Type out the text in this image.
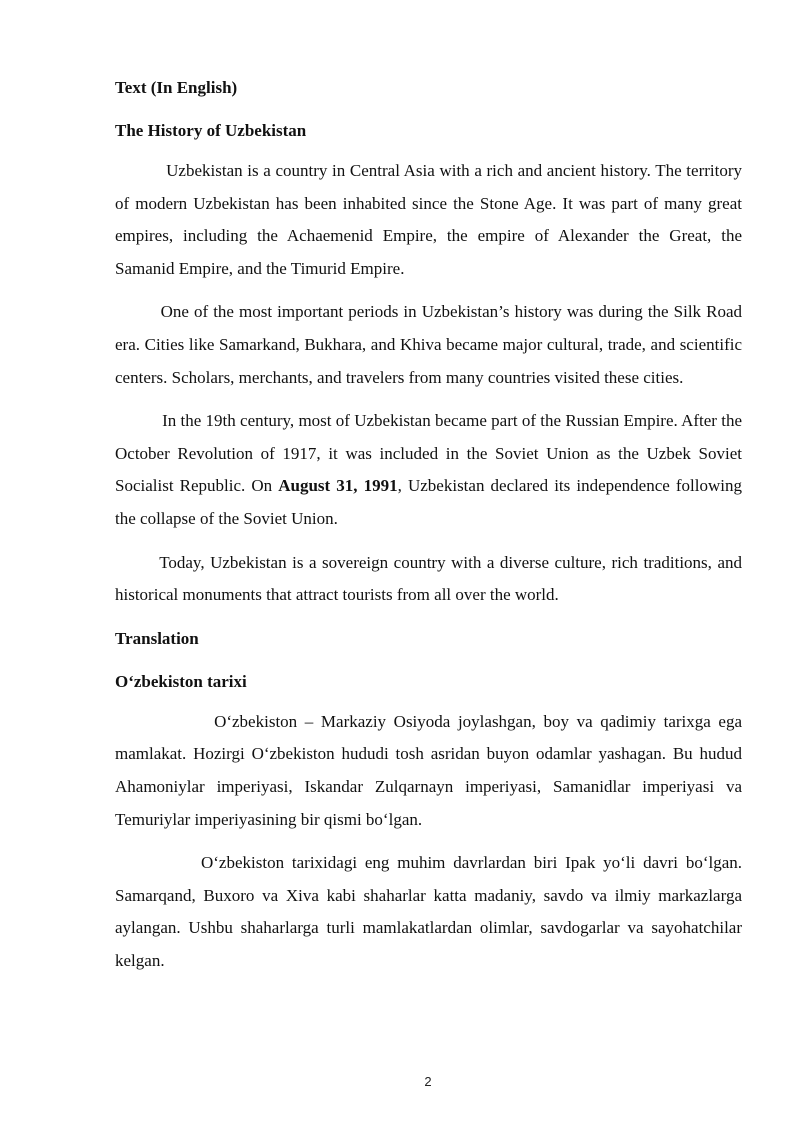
Text (In English)

The History of Uzbekistan

Uzbekistan is a country in Central Asia with a rich and ancient history. The territory of modern Uzbekistan has been inhabited since the Stone Age. It was part of many great empires, including the Achaemenid Empire, the empire of Alexander the Great, the Samanid Empire, and the Timurid Empire.

One of the most important periods in Uzbekistan’s history was during the Silk Road era. Cities like Samarkand, Bukhara, and Khiva became major cultural, trade, and scientific centers. Scholars, merchants, and travelers from many countries visited these cities.

In the 19th century, most of Uzbekistan became part of the Russian Empire. After the October Revolution of 1917, it was included in the Soviet Union as the Uzbek Soviet Socialist Republic. On August 31, 1991, Uzbekistan declared its independence following the collapse of the Soviet Union.

Today, Uzbekistan is a sovereign country with a diverse culture, rich traditions, and historical monuments that attract tourists from all over the world.

Translation

O‘zbekiston tarixi

O‘zbekiston – Markaziy Osiyoda joylashgan, boy va qadimiy tarixga ega mamlakat. Hozirgi O‘zbekiston hududi tosh asridan buyon odamlar yashagan. Bu hudud Ahamoniylar imperiyasi, Iskandar Zulqarnayn imperiyasi, Samanidlar imperiyasi va Temuriylar imperiyasining bir qismi bo‘lgan.

O‘zbekiston tarixidagi eng muhim davrlardan biri Ipak yo‘li davri bo‘lgan. Samarqand, Buxoro va Xiva kabi shaharlar katta madaniy, savdo va ilmiy markazlarga aylangan. Ushbu shaharlarga turli mamlakatlardan olimlar, savdogarlar va sayohatchilar kelgan.

2
